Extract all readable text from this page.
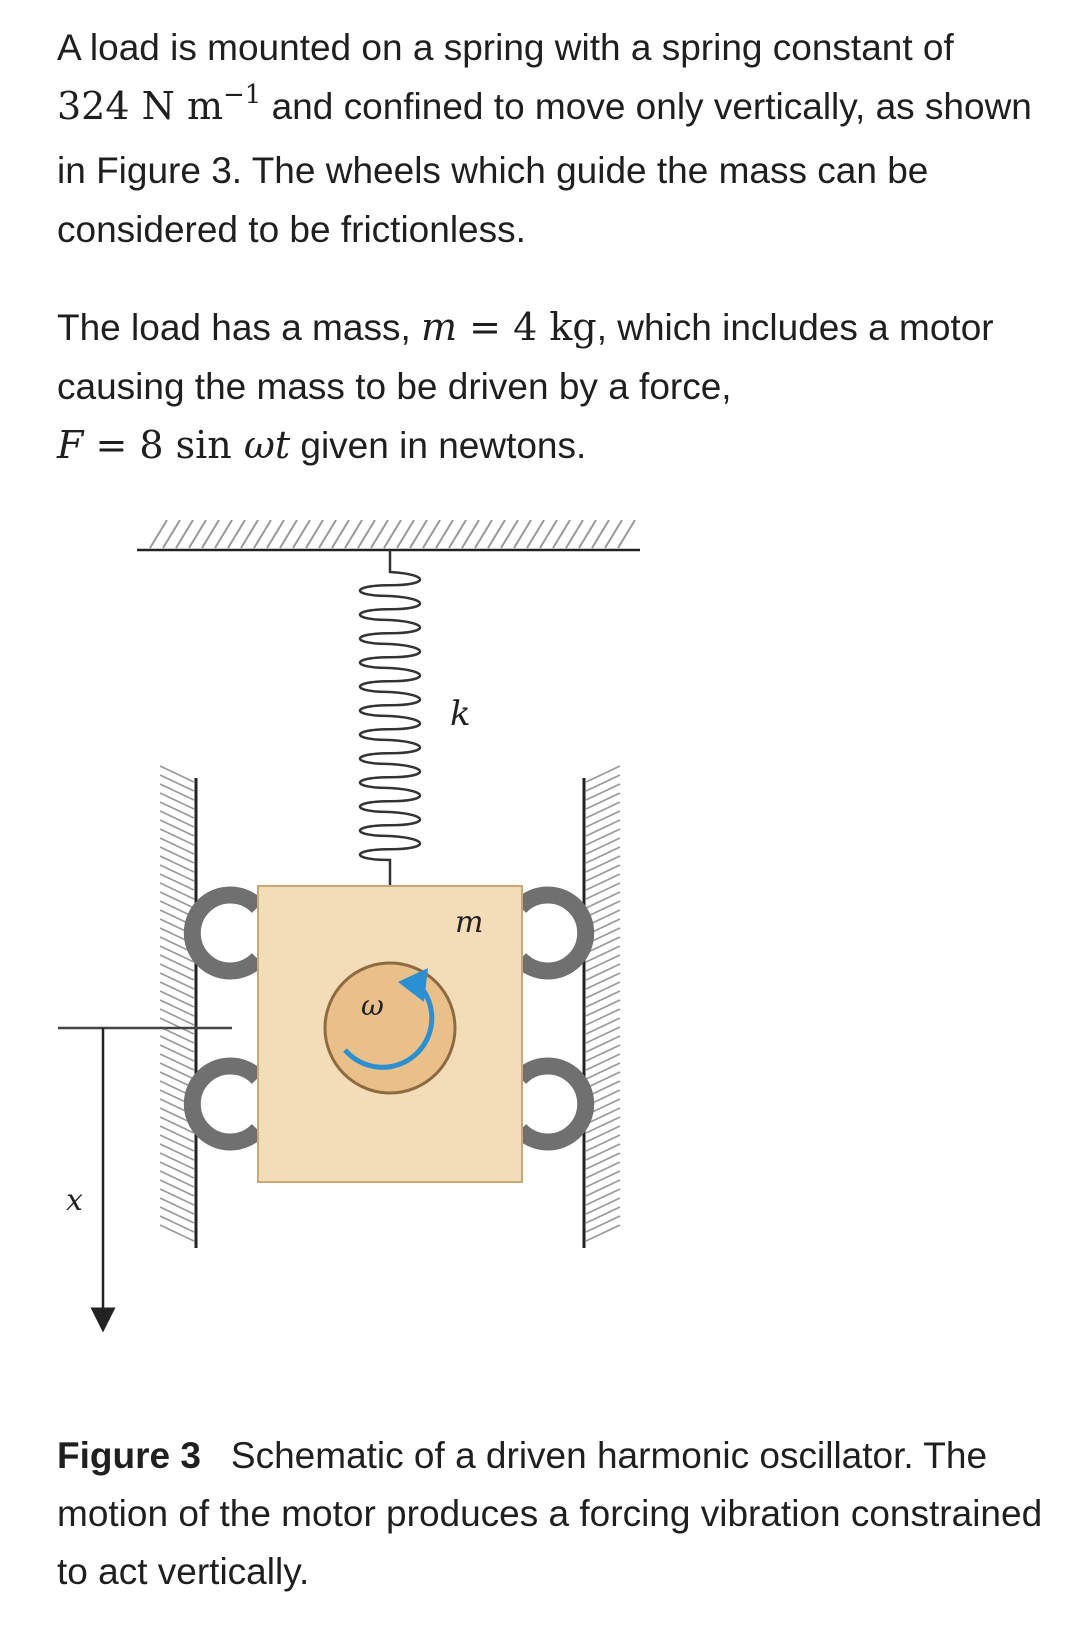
A load is mounted on a spring with a spring constant of
324 N $m^{-1}$ and confined to move only vertically, as shown in Figure 3. The wheels which guide the mass can be considered to be frictionless.

The load has a mass, m = 4 kg, which includes a motor causing the mass to be driven by a force,
F = 8 sin ωt given in newtons.

k
m
ω
x

Figure 3 Schematic of a driven harmonic oscillator. The motion of the motor produces a forcing vibration constrained to act vertically.
